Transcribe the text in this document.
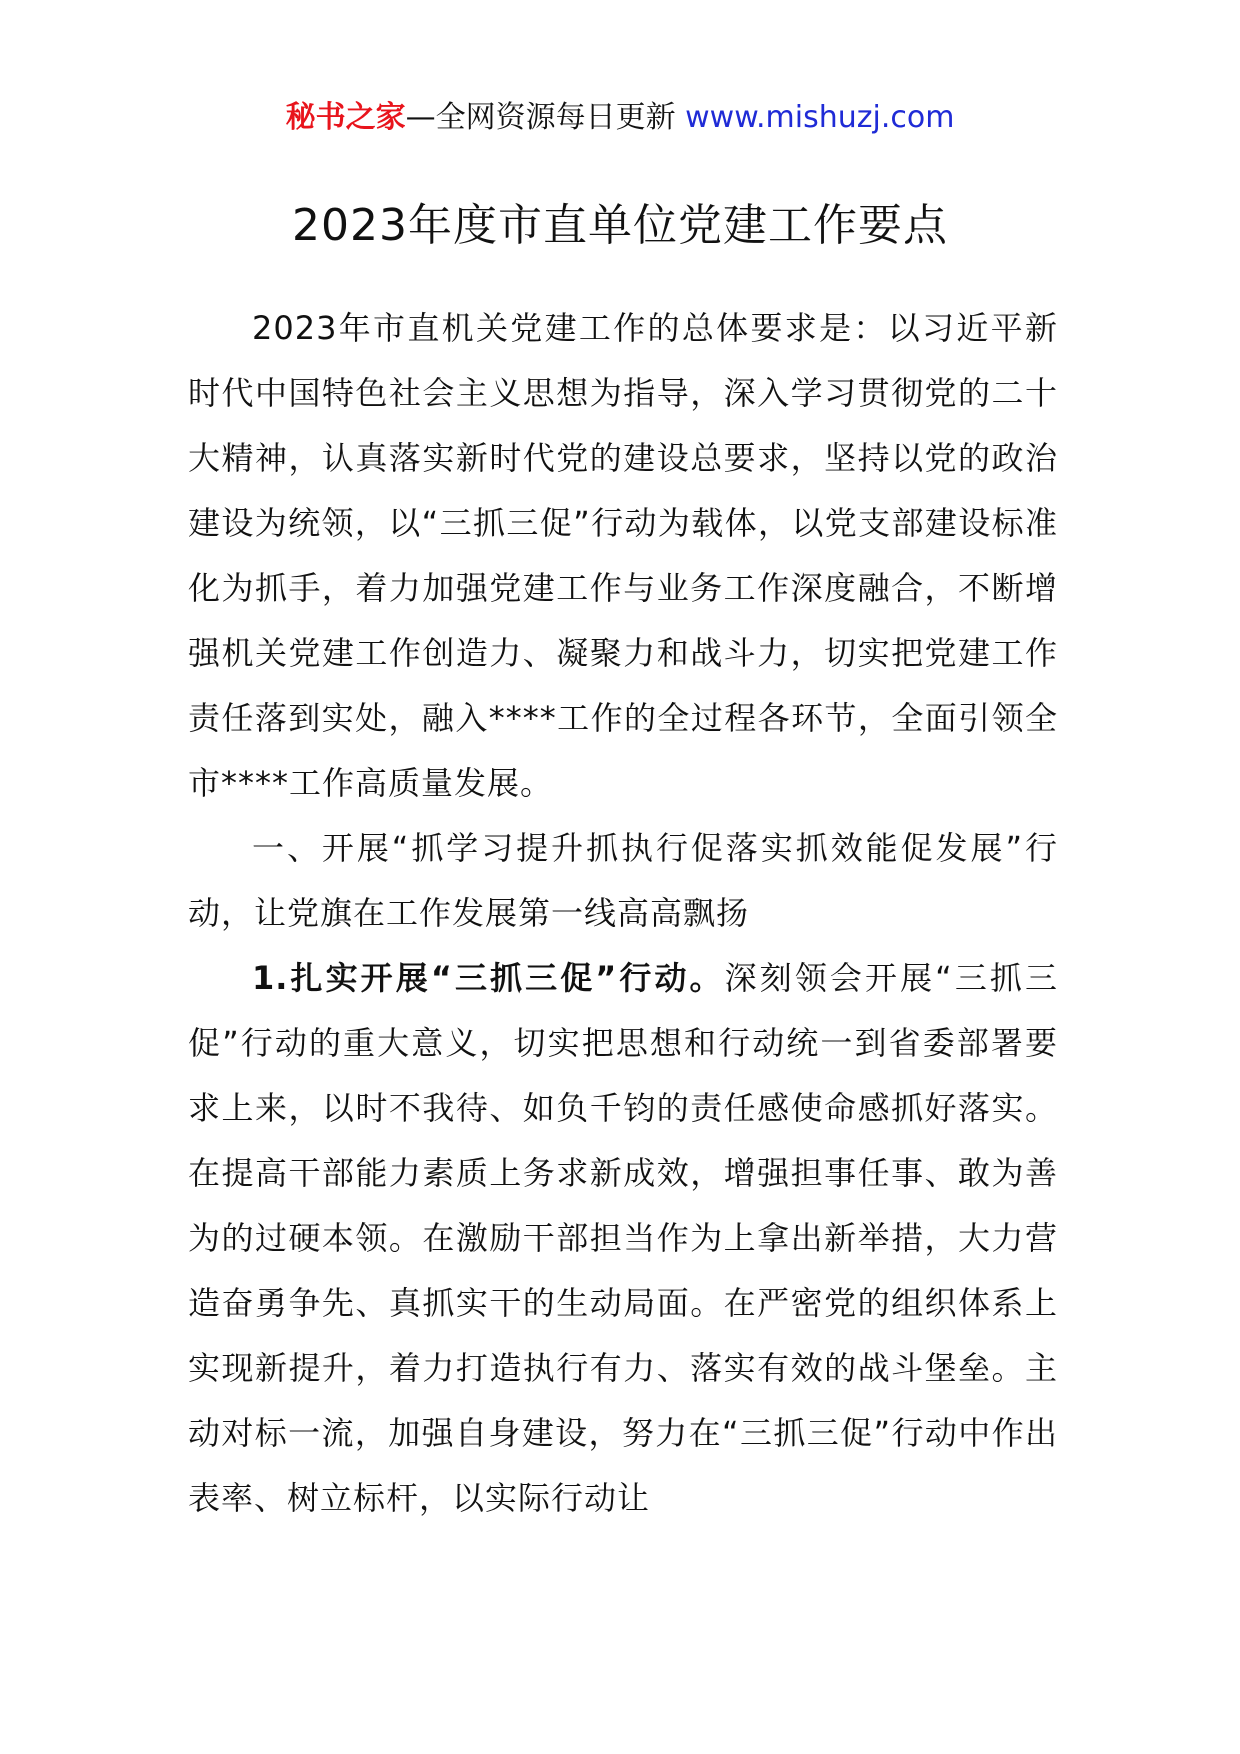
秘书之家—全网资源每日更新 www.mishuzj.com
2023年度市直单位党建工作要点

2023年市直机关党建工作的总体要求是：以习近平新时代中国特色社会主义思想为指导，深入学习贯彻党的二十大精神，认真落实新时代党的建设总要求，坚持以党的政治建设为统领，以“三抓三促”行动为载体，以党支部建设标准化为抓手，着力加强党建工作与业务工作深度融合，不断增强机关党建工作创造力、凝聚力和战斗力，切实把党建工作责任落到实处，融入****工作的全过程各环节，全面引领全市****工作高质量发展。

一、开展“抓学习提升抓执行促落实抓效能促发展”行动，让党旗在工作发展第一线高高飘扬

1.扎实开展“三抓三促”行动。深刻领会开展“三抓三促”行动的重大意义，切实把思想和行动统一到省委部署要求上来，以时不我待、如负千钧的责任感使命感抓好落实。在提高干部能力素质上务求新成效，增强担事任事、敢为善为的过硬本领。在激励干部担当作为上拿出新举措，大力营造奋勇争先、真抓实干的生动局面。在严密党的组织体系上实现新提升，着力打造执行有力、落实有效的战斗堡垒。主动对标一流，加强自身建设，努力在“三抓三促”行动中作出表率、树立标杆，以实际行动让
